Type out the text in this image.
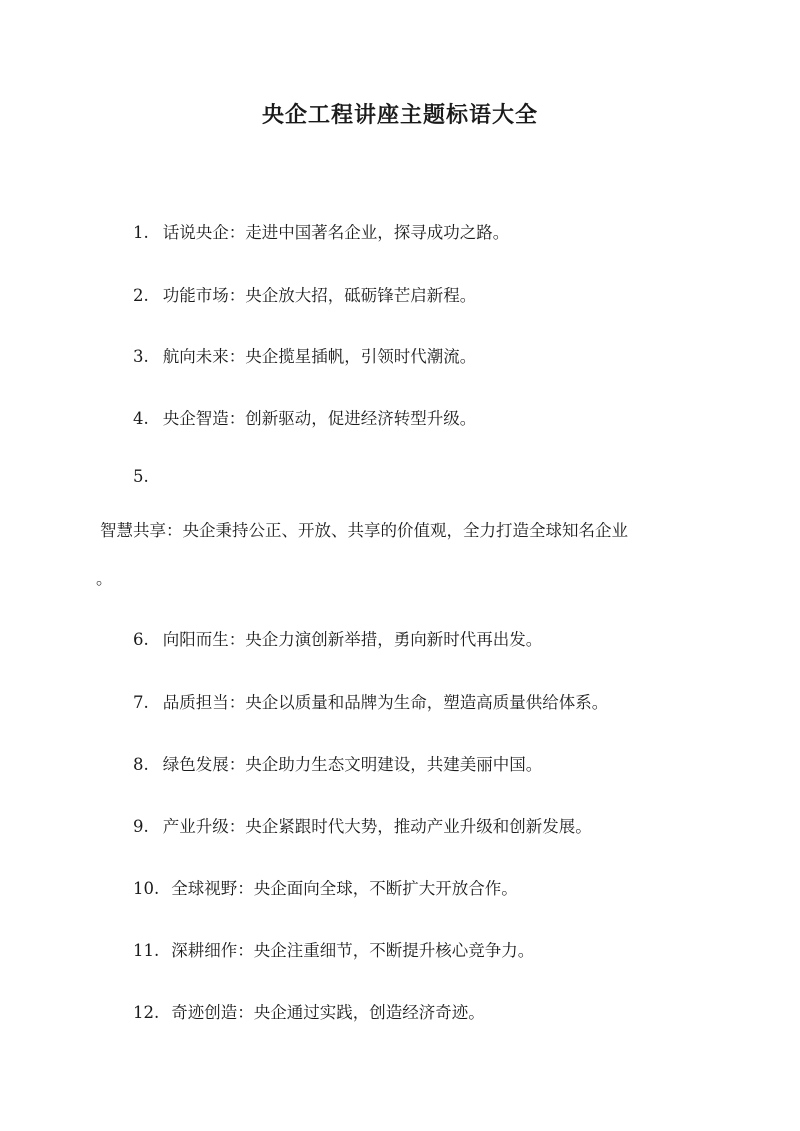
央企工程讲座主题标语大全

1. 话说央企：走进中国著名企业，探寻成功之路。

2. 功能市场：央企放大招，砥砺锋芒启新程。

3. 航向未来：央企揽星插帆，引领时代潮流。

4. 央企智造：创新驱动，促进经济转型升级。

5.

智慧共享：央企秉持公正、开放、共享的价值观，全力打造全球知名企业

。

6. 向阳而生：央企力演创新举措，勇向新时代再出发。

7. 品质担当：央企以质量和品牌为生命，塑造高质量供给体系。

8. 绿色发展：央企助力生态文明建设，共建美丽中国。

9. 产业升级：央企紧跟时代大势，推动产业升级和创新发展。

10. 全球视野：央企面向全球，不断扩大开放合作。

11. 深耕细作：央企注重细节，不断提升核心竞争力。

12. 奇迹创造：央企通过实践，创造经济奇迹。
